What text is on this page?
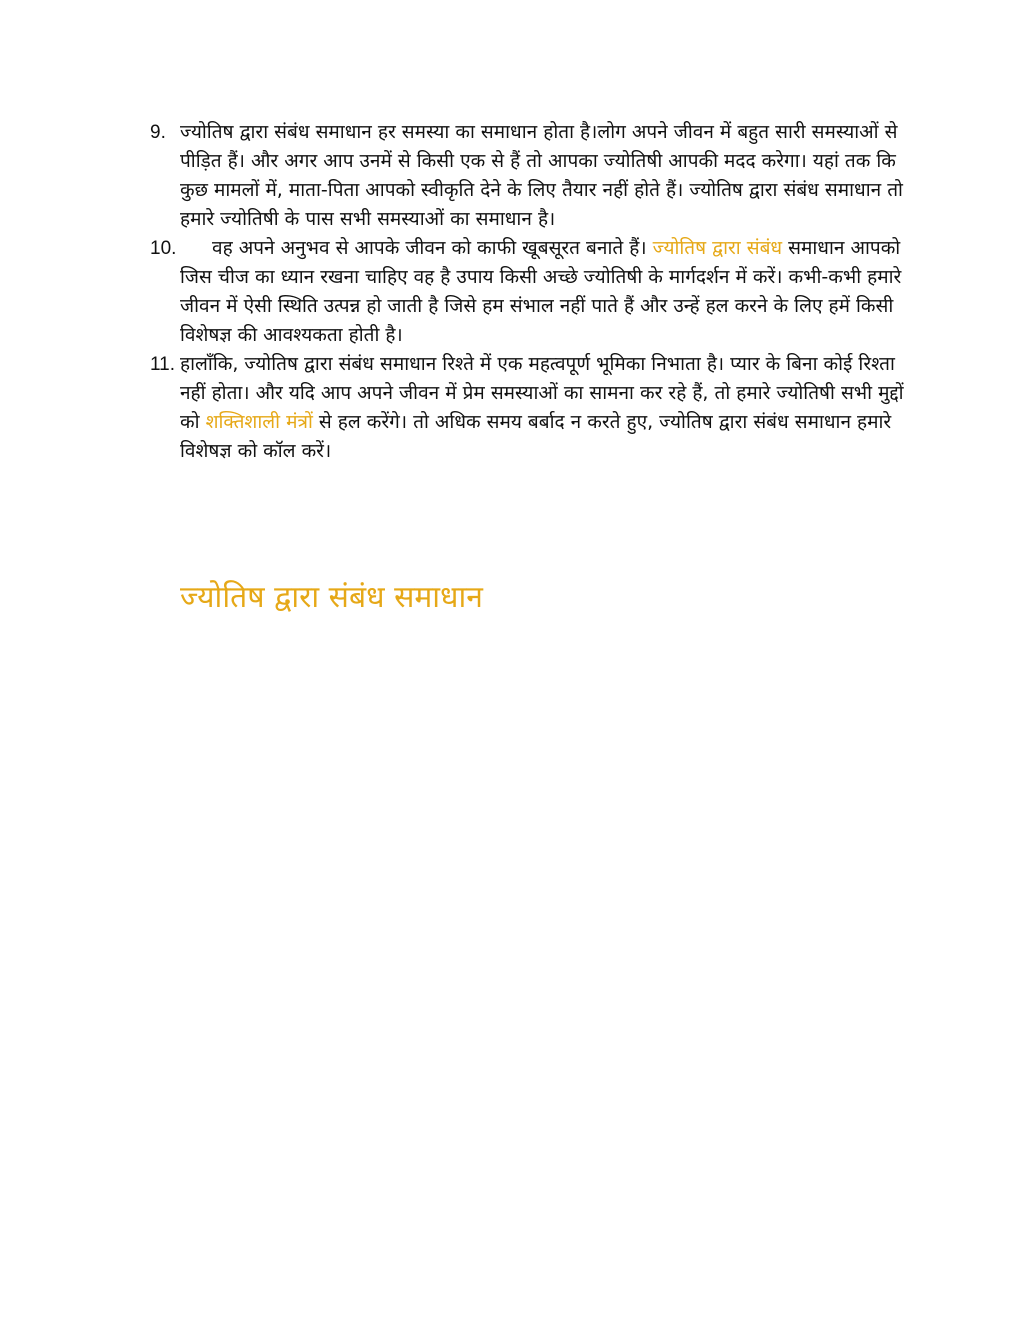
9. ज्योतिष द्वारा संबंध समाधान हर समस्या का समाधान होता है।लोग अपने जीवन में बहुत सारी समस्याओं से पीड़ित हैं। और अगर आप उनमें से किसी एक से हैं तो आपका ज्योतिषी आपकी मदद करेगा। यहां तक कि कुछ मामलों में, माता-पिता आपको स्वीकृति देने के लिए तैयार नहीं होते हैं। ज्योतिष द्वारा संबंध समाधान तो हमारे ज्योतिषी के पास सभी समस्याओं का समाधान है।
10. वह अपने अनुभव से आपके जीवन को काफी खूबसूरत बनाते हैं। ज्योतिष द्वारा संबंध समाधान आपको जिस चीज का ध्यान रखना चाहिए वह है उपाय किसी अच्छे ज्योतिषी के मार्गदर्शन में करें। कभी-कभी हमारे जीवन में ऐसी स्थिति उत्पन्न हो जाती है जिसे हम संभाल नहीं पाते हैं और उन्हें हल करने के लिए हमें किसी विशेषज्ञ की आवश्यकता होती है।
11. हालाँकि, ज्योतिष द्वारा संबंध समाधान रिश्ते में एक महत्वपूर्ण भूमिका निभाता है। प्यार के बिना कोई रिश्ता नहीं होता। और यदि आप अपने जीवन में प्रेम समस्याओं का सामना कर रहे हैं, तो हमारे ज्योतिषी सभी मुद्दों को शक्तिशाली मंत्रों से हल करेंगे। तो अधिक समय बर्बाद न करते हुए, ज्योतिष द्वारा संबंध समाधान हमारे विशेषज्ञ को कॉल करें।
ज्योतिष द्वारा संबंध समाधान
